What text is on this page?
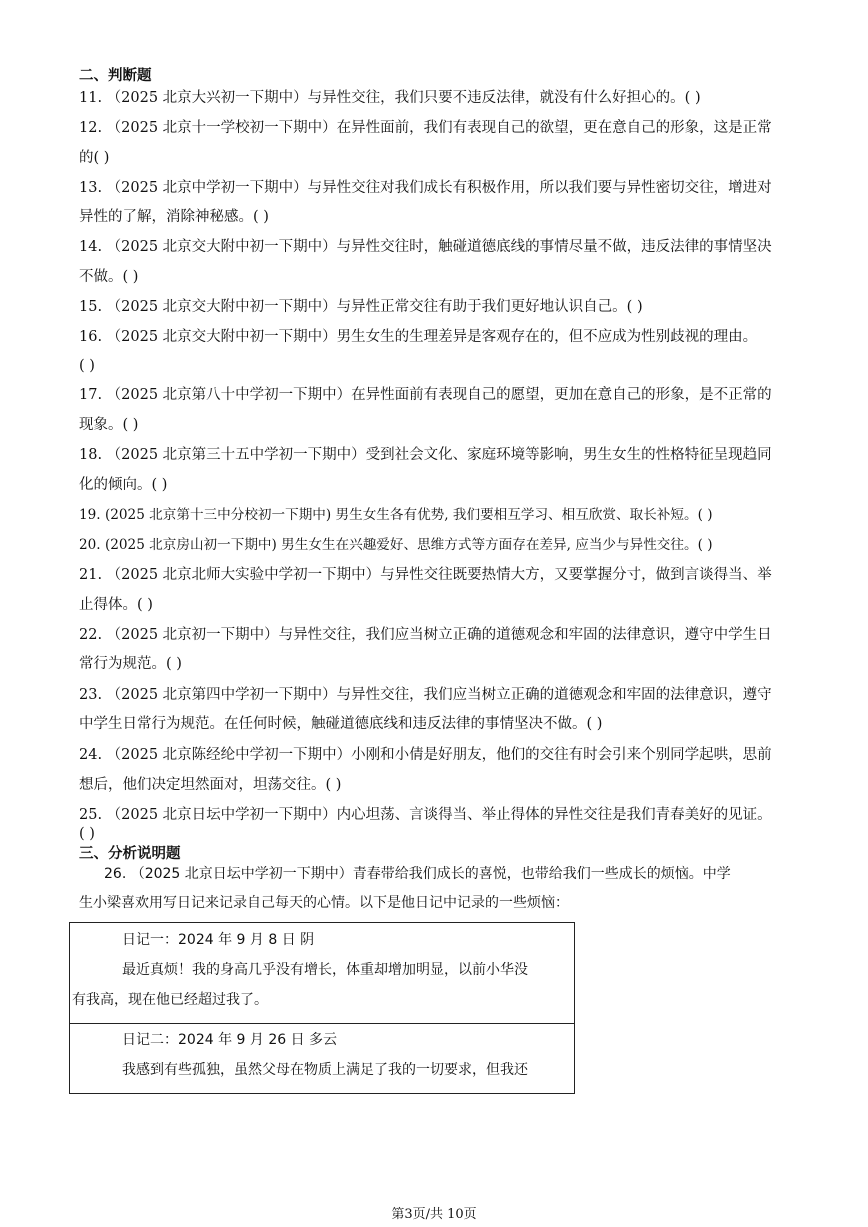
二、判断题
11. （2025 北京大兴初一下期中）与异性交往，我们只要不违反法律，就没有什么好担心的。( )
12. （2025 北京十一学校初一下期中）在异性面前，我们有表现自己的欲望，更在意自己的形象，这是正常
的( )
13. （2025 北京中学初一下期中）与异性交往对我们成长有积极作用，所以我们要与异性密切交往，增进对
异性的了解，消除神秘感。( )
14. （2025 北京交大附中初一下期中）与异性交往时，触碰道德底线的事情尽量不做，违反法律的事情坚决
不做。( )
15. （2025 北京交大附中初一下期中）与异性正常交往有助于我们更好地认识自己。( )
16. （2025 北京交大附中初一下期中）男生女生的生理差异是客观存在的，但不应成为性别歧视的理由。
( )
17. （2025 北京第八十中学初一下期中）在异性面前有表现自己的愿望，更加在意自己的形象，是不正常的
现象。( )
18. （2025 北京第三十五中学初一下期中）受到社会文化、家庭环境等影响，男生女生的性格特征呈现趋同
化的倾向。( )
19. (2025 北京第十三中分校初一下期中) 男生女生各有优势, 我们要相互学习、相互欣赏、取长补短。( )
20. (2025 北京房山初一下期中) 男生女生在兴趣爱好、思维方式等方面存在差异, 应当少与异性交往。( )
21. （2025 北京北师大实验中学初一下期中）与异性交往既要热情大方，又要掌握分寸，做到言谈得当、举
止得体。( )
22. （2025 北京初一下期中）与异性交往，我们应当树立正确的道德观念和牢固的法律意识，遵守中学生日
常行为规范。( )
23. （2025 北京第四中学初一下期中）与异性交往，我们应当树立正确的道德观念和牢固的法律意识，遵守
中学生日常行为规范。在任何时候，触碰道德底线和违反法律的事情坚决不做。( )
24. （2025 北京陈经纶中学初一下期中）小刚和小倩是好朋友，他们的交往有时会引来个别同学起哄，思前
想后，他们决定坦然面对，坦荡交往。( )
25. （2025 北京日坛中学初一下期中）内心坦荡、言谈得当、举止得体的异性交往是我们青春美好的见证。
( )
三、分析说明题
26. （2025 北京日坛中学初一下期中）青春带给我们成长的喜悦，也带给我们一些成长的烦恼。中学
生小梁喜欢用写日记来记录自己每天的心情。以下是他日记中记录的一些烦恼：
日记一：2024 年 9 月 8 日 阴
最近真烦！我的身高几乎没有增长，体重却增加明显，以前小华没
有我高，现在他已经超过我了。
日记二：2024 年 9 月 26 日 多云
我感到有些孤独，虽然父母在物质上满足了我的一切要求，但我还
第3页/共 10页
